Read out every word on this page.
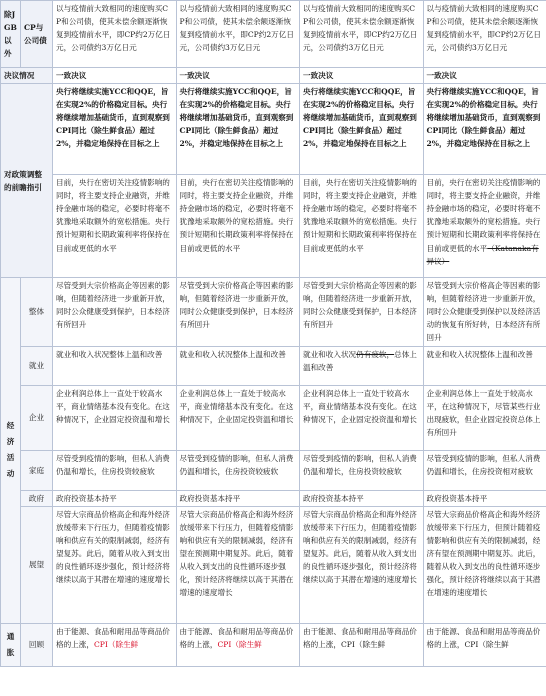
除JGB以外	CP与公司债	以与疫情前大致相同的速度购买CP和公司债，使其未偿余额逐渐恢复到疫情前水平，即CP约2万亿日元，公司债约3万亿日元	以与疫情前大致相同的速度购买CP和公司债，使其未偿余额逐渐恢复到疫情前水平，即CP约2万亿日元，公司债约3万亿日元	以与疫情前大致相同的速度购买CP和公司债，使其未偿余额逐渐恢复到疫情前水平，即CP约2万亿日元，公司债约3万亿日元	以与疫情前大致相同的速度购买CP和公司债，使其未偿余额逐渐恢复到疫情前水平，即CP约2万亿日元，公司债约3万亿日元
决议情况		一致决议	一致决议	一致决议	一致决议
对政策调整的前瞻指引		央行将继续实施YCC和QQE，旨在实现2%的价格稳定目标。央行将继续增加基础货币，直到观察到CPI同比（除生鲜食品）超过2%，并稳定地保持在目标之上	央行将继续实施YCC和QQE，旨在实现2%的价格稳定目标。央行将继续增加基础货币，直到观察到CPI同比（除生鲜食品）超过2%，并稳定地保持在目标之上	央行将继续实施YCC和QQE，旨在实现2%的价格稳定目标。央行将继续增加基础货币，直到观察到CPI同比（除生鲜食品）超过2%，并稳定地保持在目标之上	央行将继续实施YCC和QQE，旨在实现2%的价格稳定目标。央行将继续增加基础货币，直到观察到CPI同比（除生鲜食品）超过2%，并稳定地保持在目标之上
		目前，央行在密切关注疫情影响的同时，将主要支持企业融资，并维持金融市场的稳定，必要时将毫不犹豫地采取额外的宽松措施。央行预计短期和长期政策利率将保持在目前或更低的水平	目前，央行在密切关注疫情影响的同时，将主要支持企业融资，并维持金融市场的稳定，必要时将毫不犹豫地采取额外的宽松措施。央行预计短期和长期政策利率将保持在目前或更低的水平	目前，央行在密切关注疫情影响的同时，将主要支持企业融资，并维持金融市场的稳定，必要时将毫不犹豫地采取额外的宽松措施。央行预计短期和长期政策利率将保持在目前或更低的水平	目前，央行在密切关注疫情影响的同时，将主要支持企业融资，并维持金融市场的稳定，必要时将毫不犹豫地采取额外的宽松措施。央行预计短期和长期政策利率将保持在目前或更低的水平（Katanaka有异议）
经济活动	整体	尽管受到大宗价格高企等因素的影响，但随着经济进一步重新开放，同时公众健康受到保护，日本经济有所回升	尽管受到大宗价格高企等因素的影响，但随着经济进一步重新开放，同时公众健康受到保护，日本经济有所回升	尽管受到大宗价格高企等因素的影响，但随着经济进一步重新开放，同时公众健康受到保护，日本经济有所回升	尽管受到大宗价格高企等因素的影响，但随着经济进一步重新开放，同时公众健康受到保护以及经济活动的恢复有所好转，日本经济有所回升
	就业	就业和收入状况整体上温和改善	就业和收入状况整体上温和改善	就业和收入状况仍有疲软，总体上温和改善	就业和收入状况整体上温和改善
	企业	企业利润总体上一直处于较高水平，商业情绪基本没有变化。在这种情况下，企业固定投资温和增长	企业利润总体上一直处于较高水平，商业情绪基本没有变化。在这种情况下，企业固定投资温和增长	企业利润总体上一直处于较高水平，商业情绪基本没有变化。在这种情况下，企业固定投资温和增长	企业利润总体上一直处于较高水平，在这种情况下，尽管某些行业出现疲软，但企业固定投资总体上有所回升
	家庭	尽管受到疫情的影响，但私人消费仍温和增长，住房投资较疲软	尽管受到疫情的影响，但私人消费仍温和增长，住房投资较疲软	尽管受到疫情的影响，但私人消费仍温和增长，住房投资较疲软	尽管受到疫情的影响，但私人消费仍温和增长，住房投资相对疲软
	政府	政府投资基本持平	政府投资基本持平	政府投资基本持平	政府投资基本持平
	展望	尽管大宗商品价格高企和海外经济放缓带来下行压力，但随着疫情影响和供应有关的限制减弱，经济有望复苏。此后，随着从收入到支出的良性循环逐步强化，预计经济将继续以高于其潜在增速的速度增长	尽管大宗商品价格高企和海外经济放缓带来下行压力，但随着疫情影响和供应有关的限制减弱，经济有望在预测期中期复苏。此后，随着从收入到支出的良性循环逐步强化，预计经济将继续以高于其潜在增速的速度增长	尽管大宗商品价格高企和海外经济放缓带来下行压力，但随着疫情影响和供应有关的限制减弱，经济有望复苏。此后，随着从收入到支出的良性循环逐步强化，预计经济将继续以高于其潜在增速的速度增长	尽管大宗商品价格高企和海外经济放缓带来下行压力，但预计随着疫情影响和供应有关的限制减弱，经济有望在预测期中期复苏。此后，随着从收入到支出的良性循环逐步强化，预计经济将继续以高于其潜在增速的速度增长
通胀	回顾	由于能源、食品和耐用品等商品价格的上涨，CPI（除生鲜	由于能源、食品和耐用品等商品价格的上涨，CPI（除生鲜	由于能源、食品和耐用品等商品价格的上涨，CPI（除生鲜	由于能源、食品和耐用品等商品价格的上涨，CPI（除生鲜
